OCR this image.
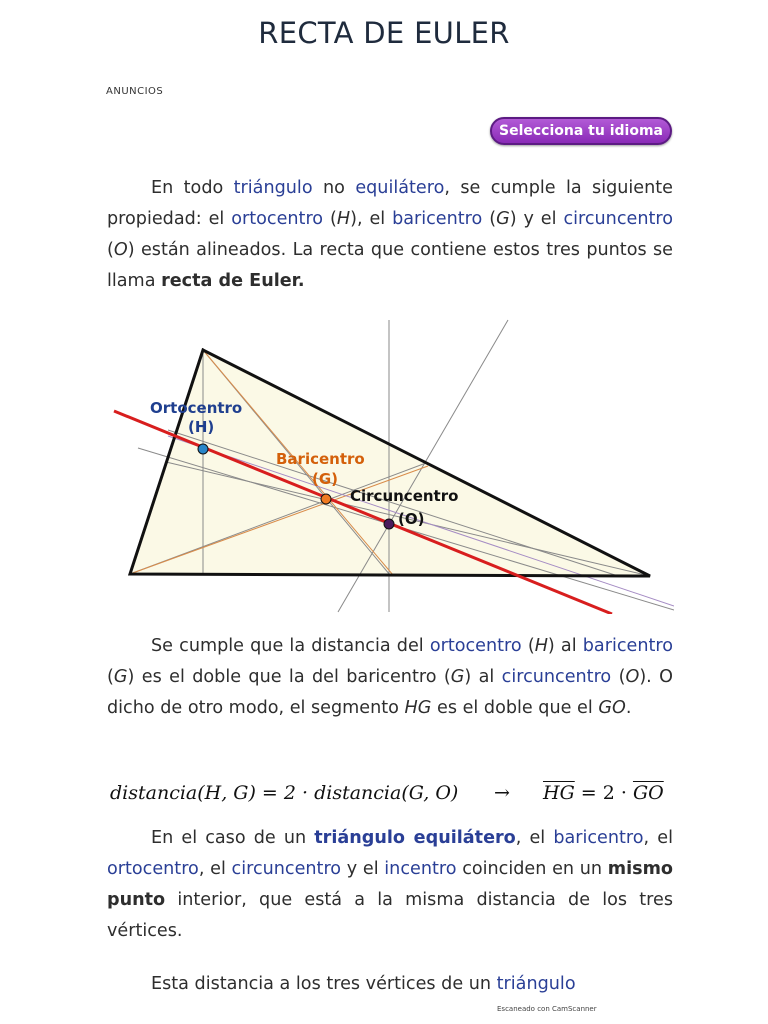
RECTA DE EULER
ANUNCIOS
Selecciona tu idioma
En todo triángulo no equilátero, se cumple la siguiente propiedad: el ortocentro (H), el baricentro (G) y el circuncentro (O) están alineados. La recta que contiene estos tres puntos se llama recta de Euler.
Ortocentro
(H)
Baricentro
(G)
Circuncentro
(O)
Se cumple que la distancia del ortocentro (H) al baricentro (G) es el doble que la del baricentro (G) al circuncentro (O). O dicho de otro modo, el segmento HG es el doble que el GO.
distancia(H, G) = 2 · distancia(G, $O) \to \overline{HG} = 2 \cdot \overline{GO}$
En el caso de un triángulo equilátero, el baricentro, el ortocentro, el circuncentro y el incentro coinciden en un mismo punto interior, que está a la misma distancia de los tres vértices.
Esta distancia a los tres vértices de un triángulo
Escaneado con CamScanner
